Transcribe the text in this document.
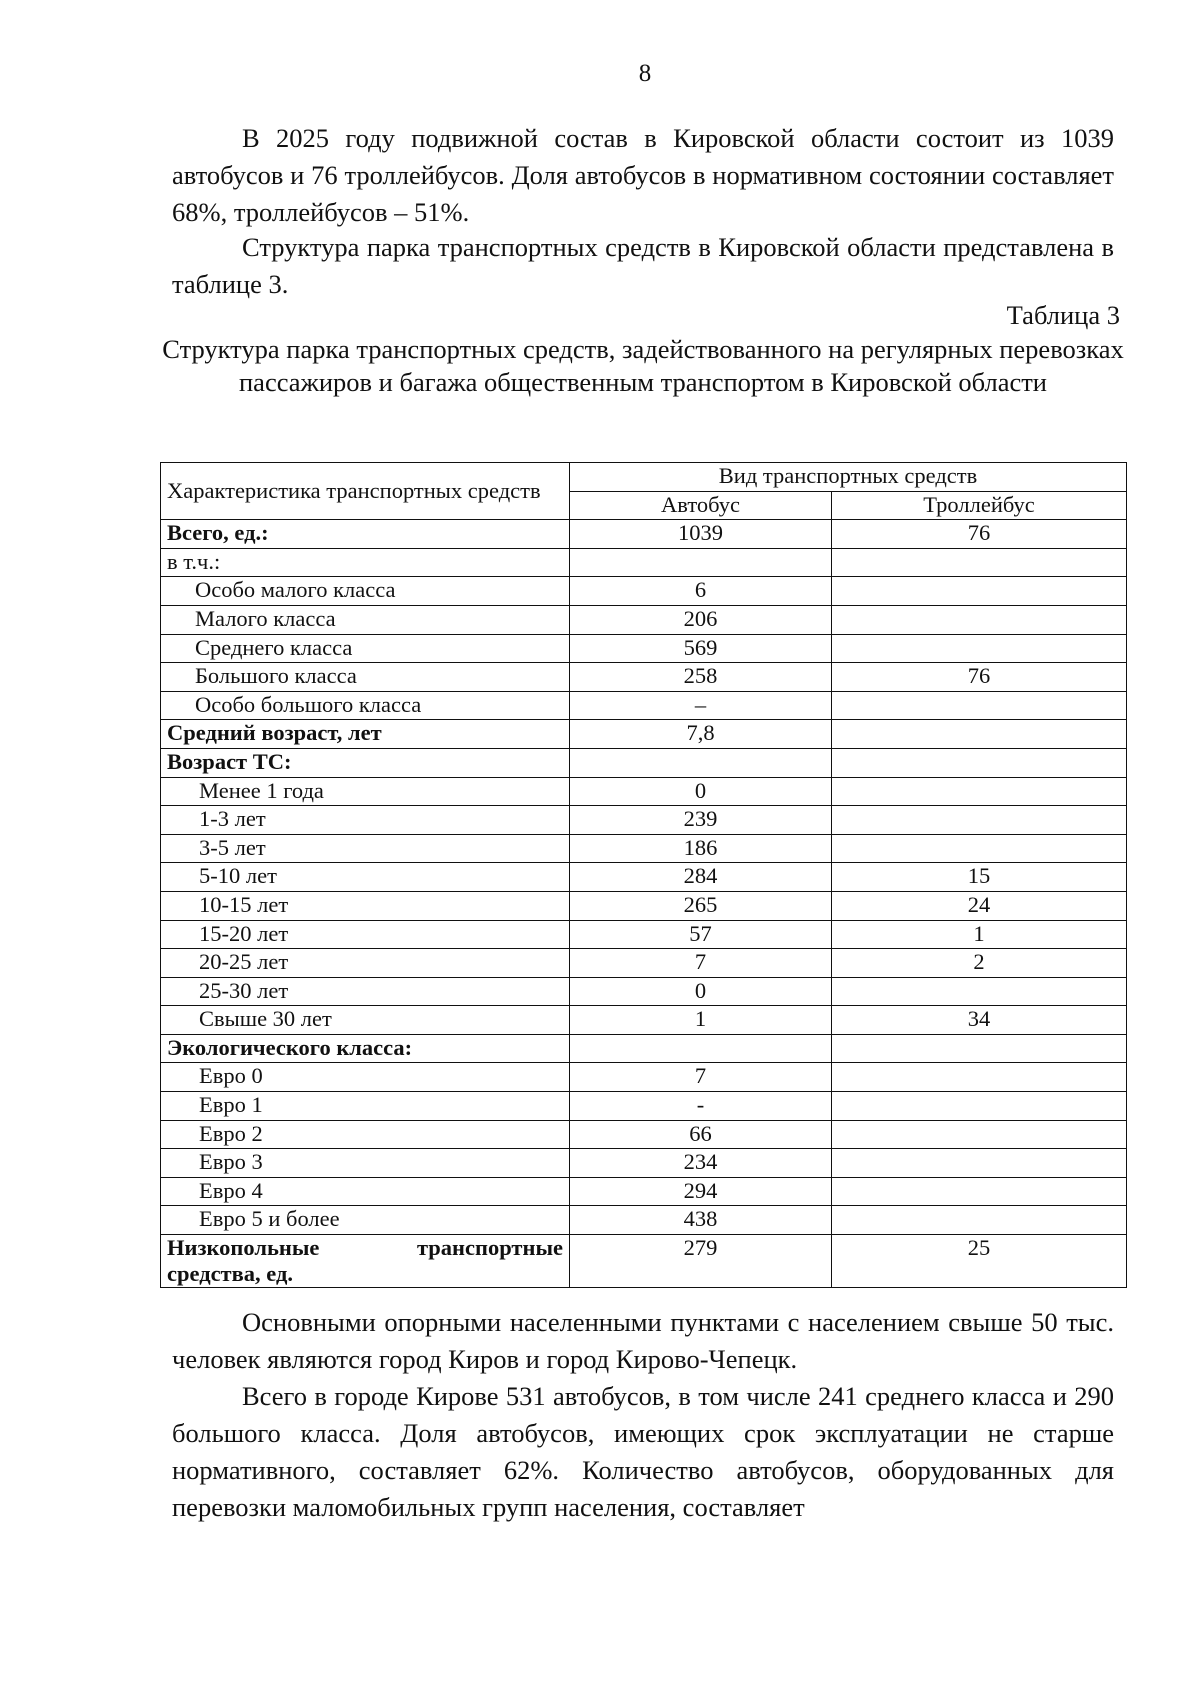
8

В 2025 году подвижной состав в Кировской области состоит из 1039 автобусов и 76 троллейбусов. Доля автобусов в нормативном состоянии составляет 68%, троллейбусов – 51%.

Структура парка транспортных средств в Кировской области представлена в таблице 3.

Таблица 3
Структура парка транспортных средств, задействованного на регулярных перевозках пассажиров и багажа общественным транспортом в Кировской области
Характеристика транспортных средств	Вид транспортных средств	
	Автобус	Троллейбус
Всего, ед.:	1039	76
в т.ч.:		
Особо малого класса	6	
Малого класса	206	
Среднего класса	569	
Большого класса	258	76
Особо большого класса	–	
Средний возраст, лет	7,8	
Возраст ТС:		
Менее 1 года	0	
1-3 лет	239	
3-5 лет	186	
5-10 лет	284	15
10-15 лет	265	24
15-20 лет	57	1
20-25 лет	7	2
25-30 лет	0	
Свыше 30 лет	1	34
Экологического класса:		
Евро 0	7	
Евро 1	-	
Евро 2	66	
Евро 3	234	
Евро 4	294	
Евро 5 и более	438	

Низкопольные транспортные
средства, ед.	279	25

Основными опорными населенными пунктами с населением свыше 50 тыс. человек являются город Киров и город Кирово-Чепецк.

Всего в городе Кирове 531 автобусов, в том числе 241 среднего класса и 290 большого класса. Доля автобусов, имеющих срок эксплуатации не старше нормативного, составляет 62%. Количество автобусов, оборудованных для перевозки маломобильных групп населения, составляет
